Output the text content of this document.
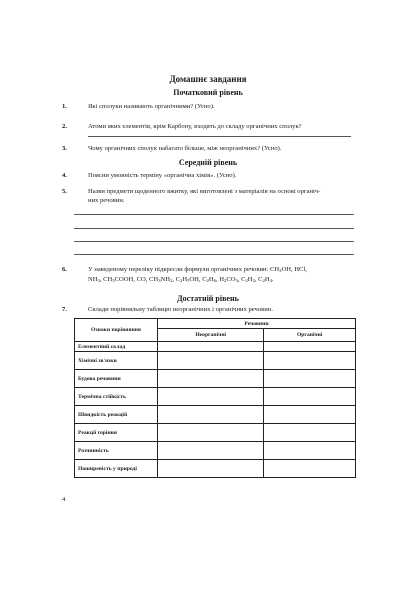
Домашнє завдання
Початковий рівень
1.	Які сполуки називають органічними? (Усно).
2.	Атоми яких елементів, крім Карбону, входять до складу органічних сполук?
3.	Чому органічних сполук набагато більше, між неорганічних? (Усно).
Середній рівень
4.	Поясни умовність терміну «органічна хімія». (Усно).
5.	Назви предмети щоденного вжитку, які виготовлені з матеріалів на основі органіч-
них речовин.
6.	У наведеному переліку підкресли формули органічних речовин: $CH_3OH$, HCl,
$NH_3$, $CH_3COOH$, CO, $CH_3NH_2$, $C_2H_5OH$, $C_2H_6$, $H_2CO_3$, $C_2H_2$, $C_2H_4$.
Достатній рівень
7.	Склади порівняльну таблицю неорганічних і органічних речовин.
Ознаки порівняння	Речовини	
	Неорганічні	Органічні
Елементний склад		
Хімічні зв'язки		
Будова речовини		
Термічна стійкість		
Швидкість реакцій		
Реакції горіння		
Розчинність		
Поширеність у природі		
4
